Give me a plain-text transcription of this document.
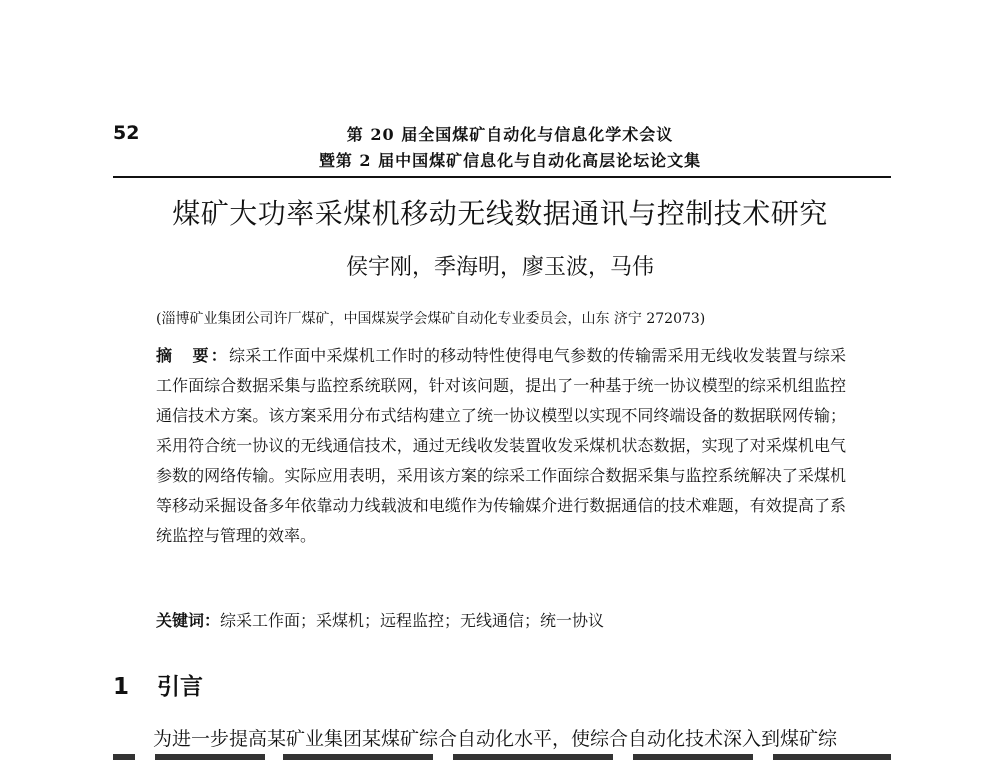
52	第 20 届全国煤矿自动化与信息化学术会议
暨第 2 届中国煤矿信息化与自动化高层论坛论文集
煤矿大功率采煤机移动无线数据通讯与控制技术研究
侯宇刚，季海明，廖玉波，马伟
(淄博矿业集团公司许厂煤矿，中国煤炭学会煤矿自动化专业委员会，山东 济宁 272073)
摘　要：综采工作面中采煤机工作时的移动特性使得电气参数的传输需采用无线收发装置与综采工作面综合数据采集与监控系统联网，针对该问题，提出了一种基于统一协议模型的综采机组监控通信技术方案。该方案采用分布式结构建立了统一协议模型以实现不同终端设备的数据联网传输；采用符合统一协议的无线通信技术，通过无线收发装置收发采煤机状态数据，实现了对采煤机电气参数的网络传输。实际应用表明，采用该方案的综采工作面综合数据采集与监控系统解决了采煤机等移动采掘设备多年依靠动力线载波和电缆作为传输媒介进行数据通信的技术难题，有效提高了系统监控与管理的效率。
关键词：综采工作面；采煤机；远程监控；无线通信；统一协议
1 引言
为进一步提高某矿业集团某煤矿综合自动化水平，使综合自动化技术深入到煤矿综
